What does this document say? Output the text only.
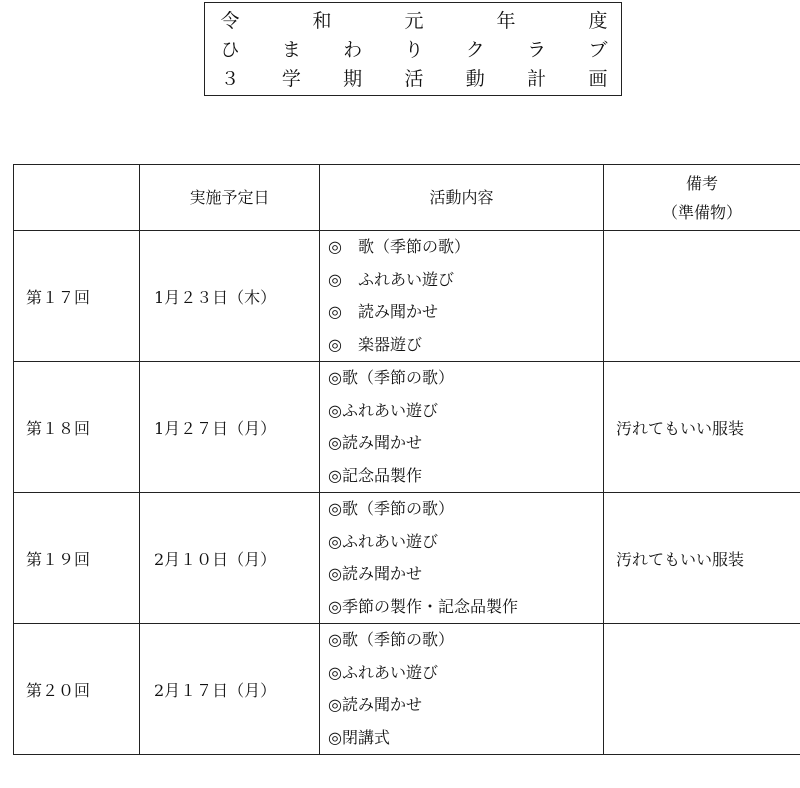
令	和	元	年	度
ひ ま わ り ク ラ ブ
３ 学 期 活 動 計 画
	実施予定日	活動内容	備考
（準備物）

第１７回	1月２３日（木）	◎　歌（季節の歌）
◎　ふれあい遊び
◎　読み聞かせ
◎　楽器遊び	

第１８回	1月２７日（月）	◎歌（季節の歌）
◎ふれあい遊び
◎読み聞かせ
◎記念品製作	汚れてもいい服装
第１９回	2月１０日（月）	◎歌（季節の歌）
◎ふれあい遊び
◎読み聞かせ
◎季節の製作・記念品製作	汚れてもいい服装
第２０回	2月１７日（月）	◎歌（季節の歌）
◎ふれあい遊び
◎読み聞かせ
◎閉講式	
